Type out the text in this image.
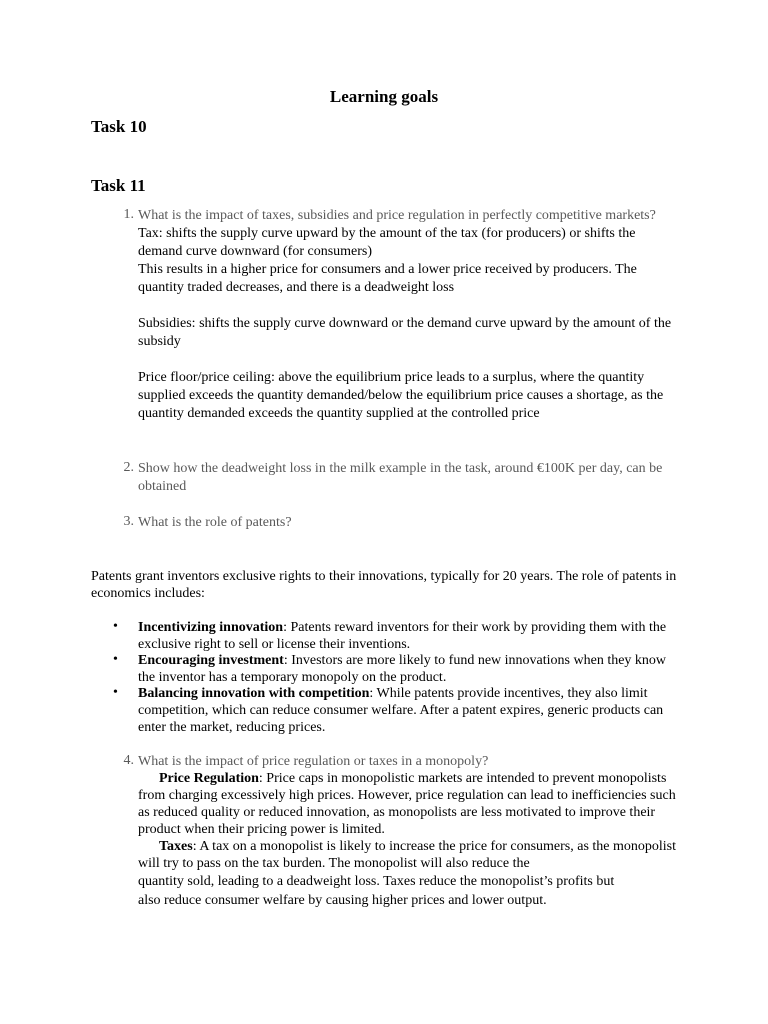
Learning goals
Task 10
Task 11
1. What is the impact of taxes, subsidies and price regulation in perfectly competitive markets?

Tax: shifts the supply curve upward by the amount of the tax (for producers) or shifts the demand curve downward (for consumers)

This results in a higher price for consumers and a lower price received by producers. The quantity traded decreases, and there is a deadweight loss

Subsidies: shifts the supply curve downward or the demand curve upward by the amount of the subsidy

Price floor/price ceiling: above the equilibrium price leads to a surplus, where the quantity supplied exceeds the quantity demanded/below the equilibrium price causes a shortage, as the quantity demanded exceeds the quantity supplied at the controlled price

2. Show how the deadweight loss in the milk example in the task, around €100K per day, can be obtained
3. What is the role of patents?
Patents grant inventors exclusive rights to their innovations, typically for 20 years. The role of patents in economics includes:
• Incentivizing innovation: Patents reward inventors for their work by providing them with the exclusive right to sell or license their inventions.
• Encouraging investment: Investors are more likely to fund new innovations when they know the inventor has a temporary monopoly on the product.
• Balancing innovation with competition: While patents provide incentives, they also limit competition, which can reduce consumer welfare. After a patent expires, generic products can enter the market, reducing prices.
4. What is the impact of price regulation or taxes in a monopoly?

Price Regulation: Price caps in monopolistic markets are intended to prevent monopolists from charging excessively high prices. However, price regulation can lead to inefficiencies such as reduced quality or reduced innovation, as monopolists are less motivated to improve their product when their pricing power is limited.

Taxes: A tax on a monopolist is likely to increase the price for consumers, as the monopolist will try to pass on the tax burden. The monopolist will also reduce the

quantity sold, leading to a deadweight loss. Taxes reduce the monopolist’s profits but

also reduce consumer welfare by causing higher prices and lower output.
